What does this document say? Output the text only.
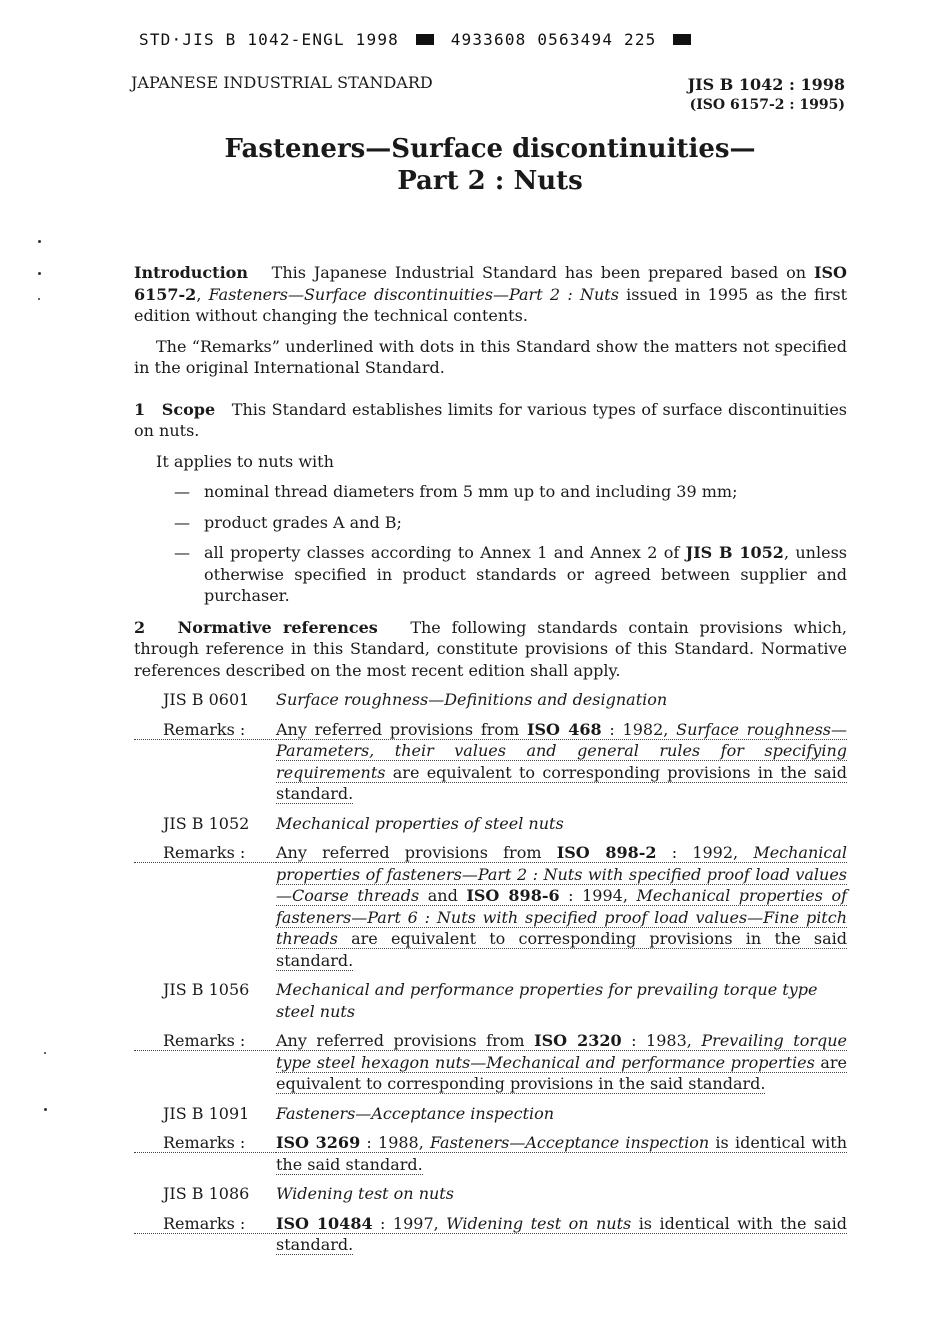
STD·JIS B 1042-ENGL 1998	4933608 0563494 225
JAPANESE INDUSTRIAL STANDARD	JIS B 1042 : 1998
(ISO 6157-2 : 1995)
Fasteners—Surface discontinuities—
Part 2 : Nuts

Introduction This Japanese Industrial Standard has been prepared based on ISO 6157-2, Fasteners—Surface discontinuities—Part 2 : Nuts issued in 1995 as the first edition without changing the technical contents.

The “Remarks” underlined with dots in this Standard show the matters not specified in the original International Standard.

1 Scope This Standard establishes limits for various types of surface discontinuities on nuts.

It applies to nuts with

— nominal thread diameters from 5 mm up to and including 39 mm;
— product grades A and B;
— all property classes according to Annex 1 and Annex 2 of JIS B 1052, unless otherwise specified in product standards or agreed between supplier and purchaser.

2 Normative references The following standards contain provisions which, through reference in this Standard, constitute provisions of this Standard. Normative references described on the most recent edition shall apply.

JIS B 0601	Surface roughness—Definitions and designation
Remarks :	Any referred provisions from ISO 468 : 1982, Surface roughness—Parameters, their values and general rules for specifying requirements are equivalent to corresponding provisions in the said standard.
JIS B 1052	Mechanical properties of steel nuts
Remarks :	Any referred provisions from ISO 898-2 : 1992, Mechanical properties of fasteners—Part 2 : Nuts with specified proof load values—Coarse threads and ISO 898-6 : 1994, Mechanical properties of fasteners—Part 6 : Nuts with specified proof load values—Fine pitch threads are equivalent to corresponding provisions in the said standard.
JIS B 1056	Mechanical and performance properties for prevailing torque type steel nuts
Remarks :	Any referred provisions from ISO 2320 : 1983, Prevailing torque type steel hexagon nuts—Mechanical and performance properties are equivalent to corresponding provisions in the said standard.
JIS B 1091	Fasteners—Acceptance inspection
Remarks :	ISO 3269 : 1988, Fasteners—Acceptance inspection is identical with the said standard.
JIS B 1086	Widening test on nuts
Remarks :	ISO 10484 : 1997, Widening test on nuts is identical with the said standard.
